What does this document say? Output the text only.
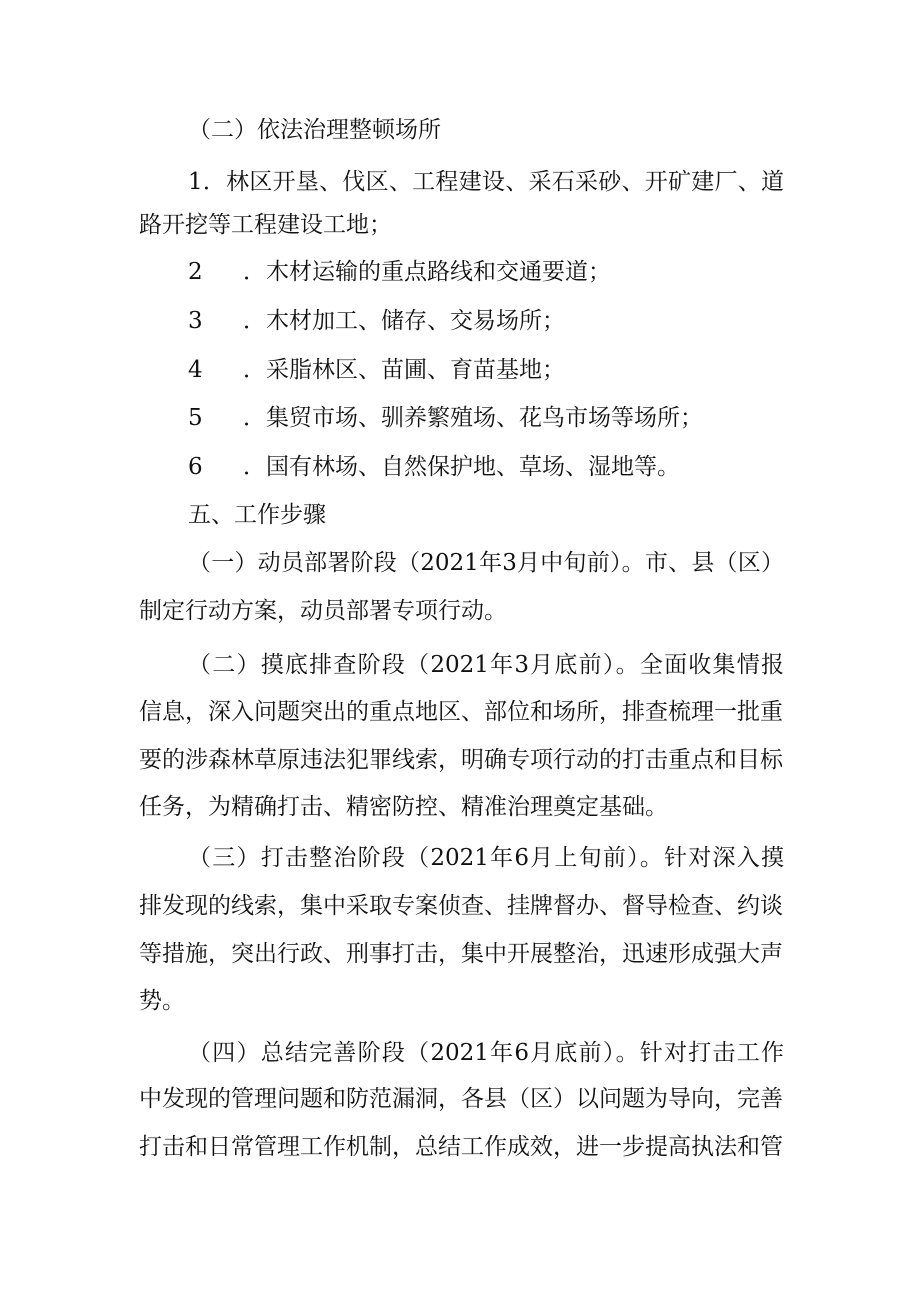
（二）依法治理整顿场所
1．林区开垦、伐区、工程建设、采石采砂、开矿建厂、道
路开挖等工程建设工地；
2 ．木材运输的重点路线和交通要道；
3 ．木材加工、储存、交易场所；
4 ．采脂林区、苗圃、育苗基地；
5 ．集贸市场、驯养繁殖场、花鸟市场等场所；
6 ．国有林场、自然保护地、草场、湿地等。
五、工作步骤
（一）动员部署阶段（2021年3月中旬前）。市、县（区）
制定行动方案，动员部署专项行动。
（二）摸底排查阶段（2021年3月底前）。全面收集情报
信息，深入问题突出的重点地区、部位和场所，排查梳理一批重
要的涉森林草原违法犯罪线索，明确专项行动的打击重点和目标
任务，为精确打击、精密防控、精准治理奠定基础。
（三）打击整治阶段（2021年6月上旬前）。针对深入摸
排发现的线索，集中采取专案侦查、挂牌督办、督导检查、约谈
等措施，突出行政、刑事打击，集中开展整治，迅速形成强大声
势。
（四）总结完善阶段（2021年6月底前）。针对打击工作
中发现的管理问题和防范漏洞，各县（区）以问题为导向，完善
打击和日常管理工作机制，总结工作成效，进一步提高执法和管
